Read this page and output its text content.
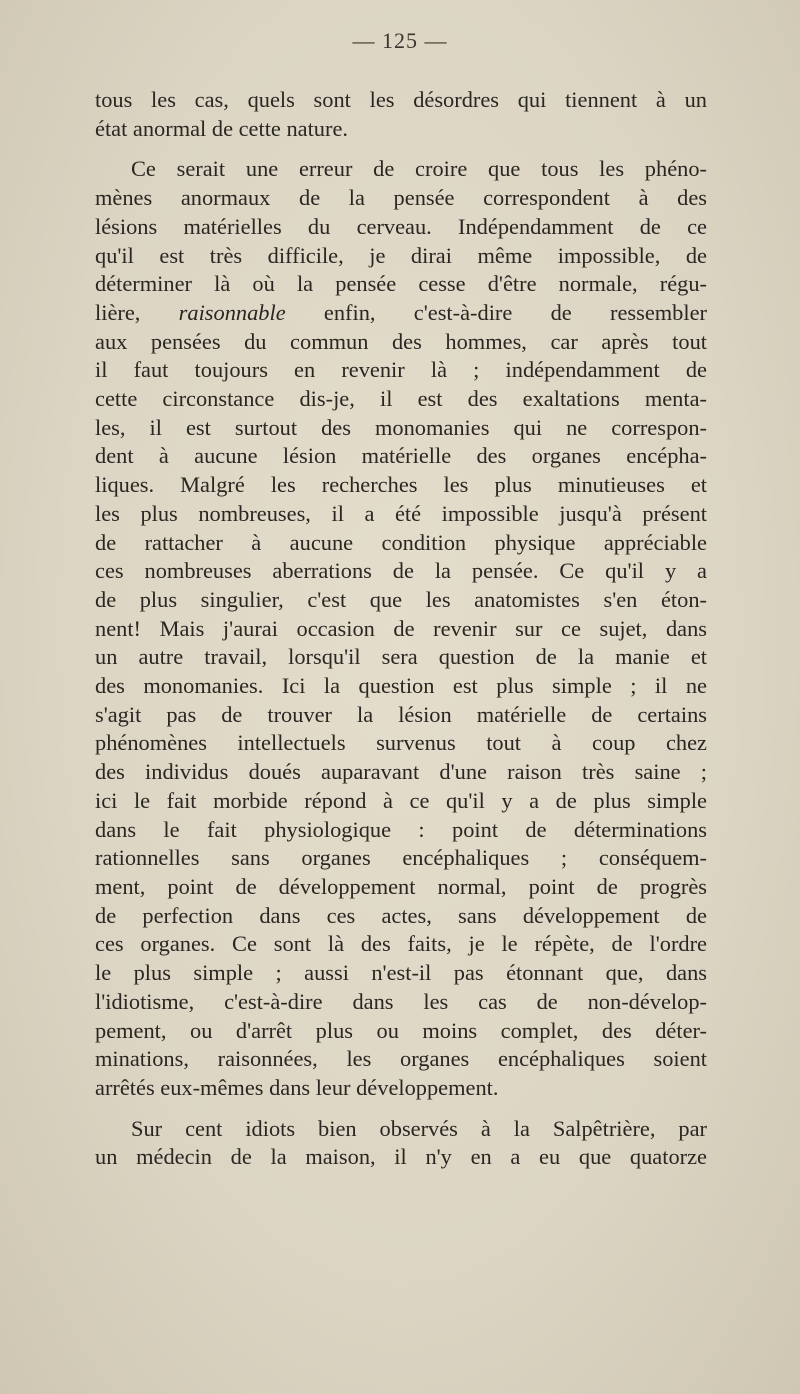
— 125 —
tous les cas, quels sont les désordres qui tiennent à un
état anormal de cette nature.
Ce serait une erreur de croire que tous les phéno-
mènes anormaux de la pensée correspondent à des
lésions matérielles du cerveau. Indépendamment de ce
qu'il est très difficile, je dirai même impossible, de
déterminer là où la pensée cesse d'être normale, régu-
lière, raisonnable enfin, c'est-à-dire de ressembler
aux pensées du commun des hommes, car après tout
il faut toujours en revenir là ; indépendamment de
cette circonstance dis-je, il est des exaltations menta-
les, il est surtout des monomanies qui ne correspon-
dent à aucune lésion matérielle des organes encépha-
liques. Malgré les recherches les plus minutieuses et
les plus nombreuses, il a été impossible jusqu'à présent
de rattacher à aucune condition physique appréciable
ces nombreuses aberrations de la pensée. Ce qu'il y a
de plus singulier, c'est que les anatomistes s'en éton-
nent! Mais j'aurai occasion de revenir sur ce sujet, dans
un autre travail, lorsqu'il sera question de la manie et
des monomanies. Ici la question est plus simple ; il ne
s'agit pas de trouver la lésion matérielle de certains
phénomènes intellectuels survenus tout à coup chez
des individus doués auparavant d'une raison très saine ;
ici le fait morbide répond à ce qu'il y a de plus simple
dans le fait physiologique : point de déterminations
rationnelles sans organes encéphaliques ; conséquem-
ment, point de développement normal, point de progrès
de perfection dans ces actes, sans développement de
ces organes. Ce sont là des faits, je le répète, de l'ordre
le plus simple ; aussi n'est-il pas étonnant que, dans
l'idiotisme, c'est-à-dire dans les cas de non-dévelop-
pement, ou d'arrêt plus ou moins complet, des déter-
minations, raisonnées, les organes encéphaliques soient
arrêtés eux-mêmes dans leur développement.
Sur cent idiots bien observés à la Salpêtrière, par
un médecin de la maison, il n'y en a eu que quatorze
